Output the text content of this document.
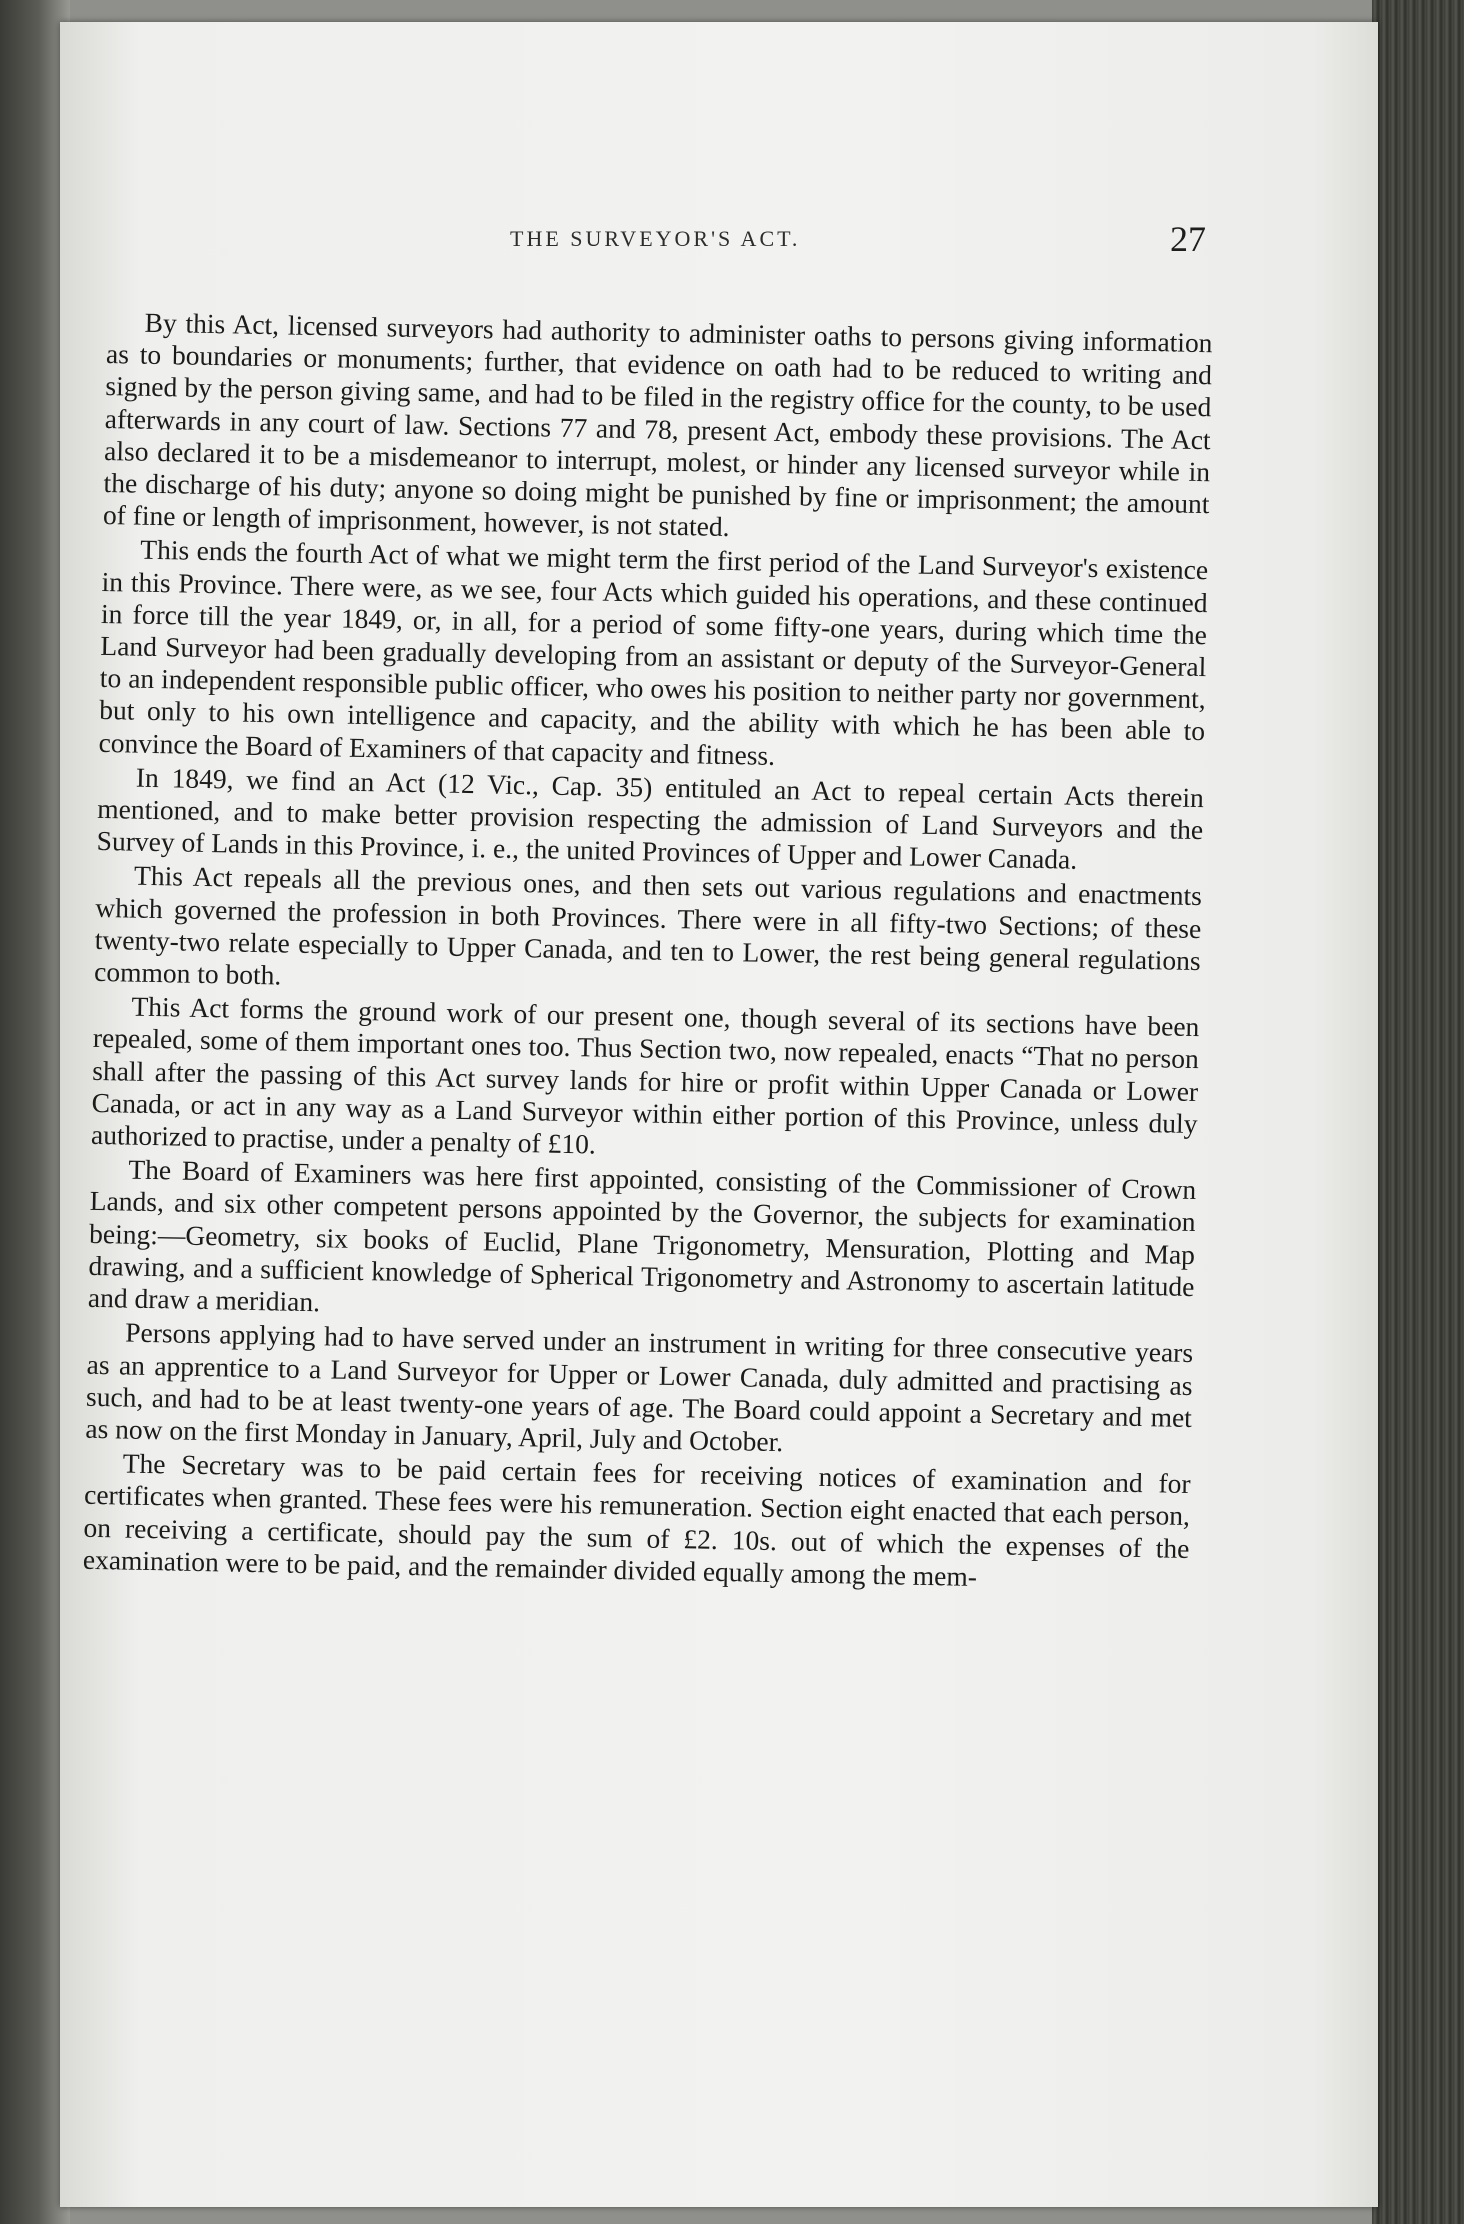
THE SURVEYOR'S ACT.	27

By this Act, licensed surveyors had authority to administer oaths to persons giving information as to boundaries or monuments; further, that evidence on oath had to be reduced to writing and signed by the person giving same, and had to be filed in the registry office for the county, to be used afterwards in any court of law. Sections 77 and 78, present Act, embody these provisions. The Act also declared it to be a misdemeanor to interrupt, molest, or hinder any licensed surveyor while in the discharge of his duty; anyone so doing might be punished by fine or imprisonment; the amount of fine or length of imprisonment, however, is not stated.

This ends the fourth Act of what we might term the first period of the Land Surveyor's existence in this Province. There were, as we see, four Acts which guided his operations, and these continued in force till the year 1849, or, in all, for a period of some fifty-one years, during which time the Land Surveyor had been gradually developing from an assistant or deputy of the Surveyor-General to an independent responsible public officer, who owes his position to neither party nor government, but only to his own intelligence and capacity, and the ability with which he has been able to convince the Board of Examiners of that capacity and fitness.

In 1849, we find an Act (12 Vic., Cap. 35) entituled an Act to repeal certain Acts therein mentioned, and to make better provision respecting the admission of Land Surveyors and the Survey of Lands in this Province, i. e., the united Provinces of Upper and Lower Canada.

This Act repeals all the previous ones, and then sets out various regulations and enactments which governed the profession in both Provinces. There were in all fifty-two Sections; of these twenty-two relate especially to Upper Canada, and ten to Lower, the rest being general regulations common to both.

This Act forms the ground work of our present one, though several of its sections have been repealed, some of them important ones too. Thus Section two, now repealed, enacts “That no person shall after the passing of this Act survey lands for hire or profit within Upper Canada or Lower Canada, or act in any way as a Land Surveyor within either portion of this Province, unless duly authorized to practise, under a penalty of £10.

The Board of Examiners was here first appointed, consisting of the Commissioner of Crown Lands, and six other competent persons appointed by the Governor, the subjects for examination being:—Geometry, six books of Euclid, Plane Trigonometry, Mensuration, Plotting and Map drawing, and a sufficient knowledge of Spherical Trigonometry and Astronomy to ascertain latitude and draw a meridian.

Persons applying had to have served under an instrument in writing for three consecutive years as an apprentice to a Land Surveyor for Upper or Lower Canada, duly admitted and practising as such, and had to be at least twenty-one years of age. The Board could appoint a Secretary and met as now on the first Monday in January, April, July and October.

The Secretary was to be paid certain fees for receiving notices of examination and for certificates when granted. These fees were his remuneration. Section eight enacted that each person, on receiving a certificate, should pay the sum of £2. 10s. out of which the expenses of the examination were to be paid, and the remainder divided equally among the mem-
